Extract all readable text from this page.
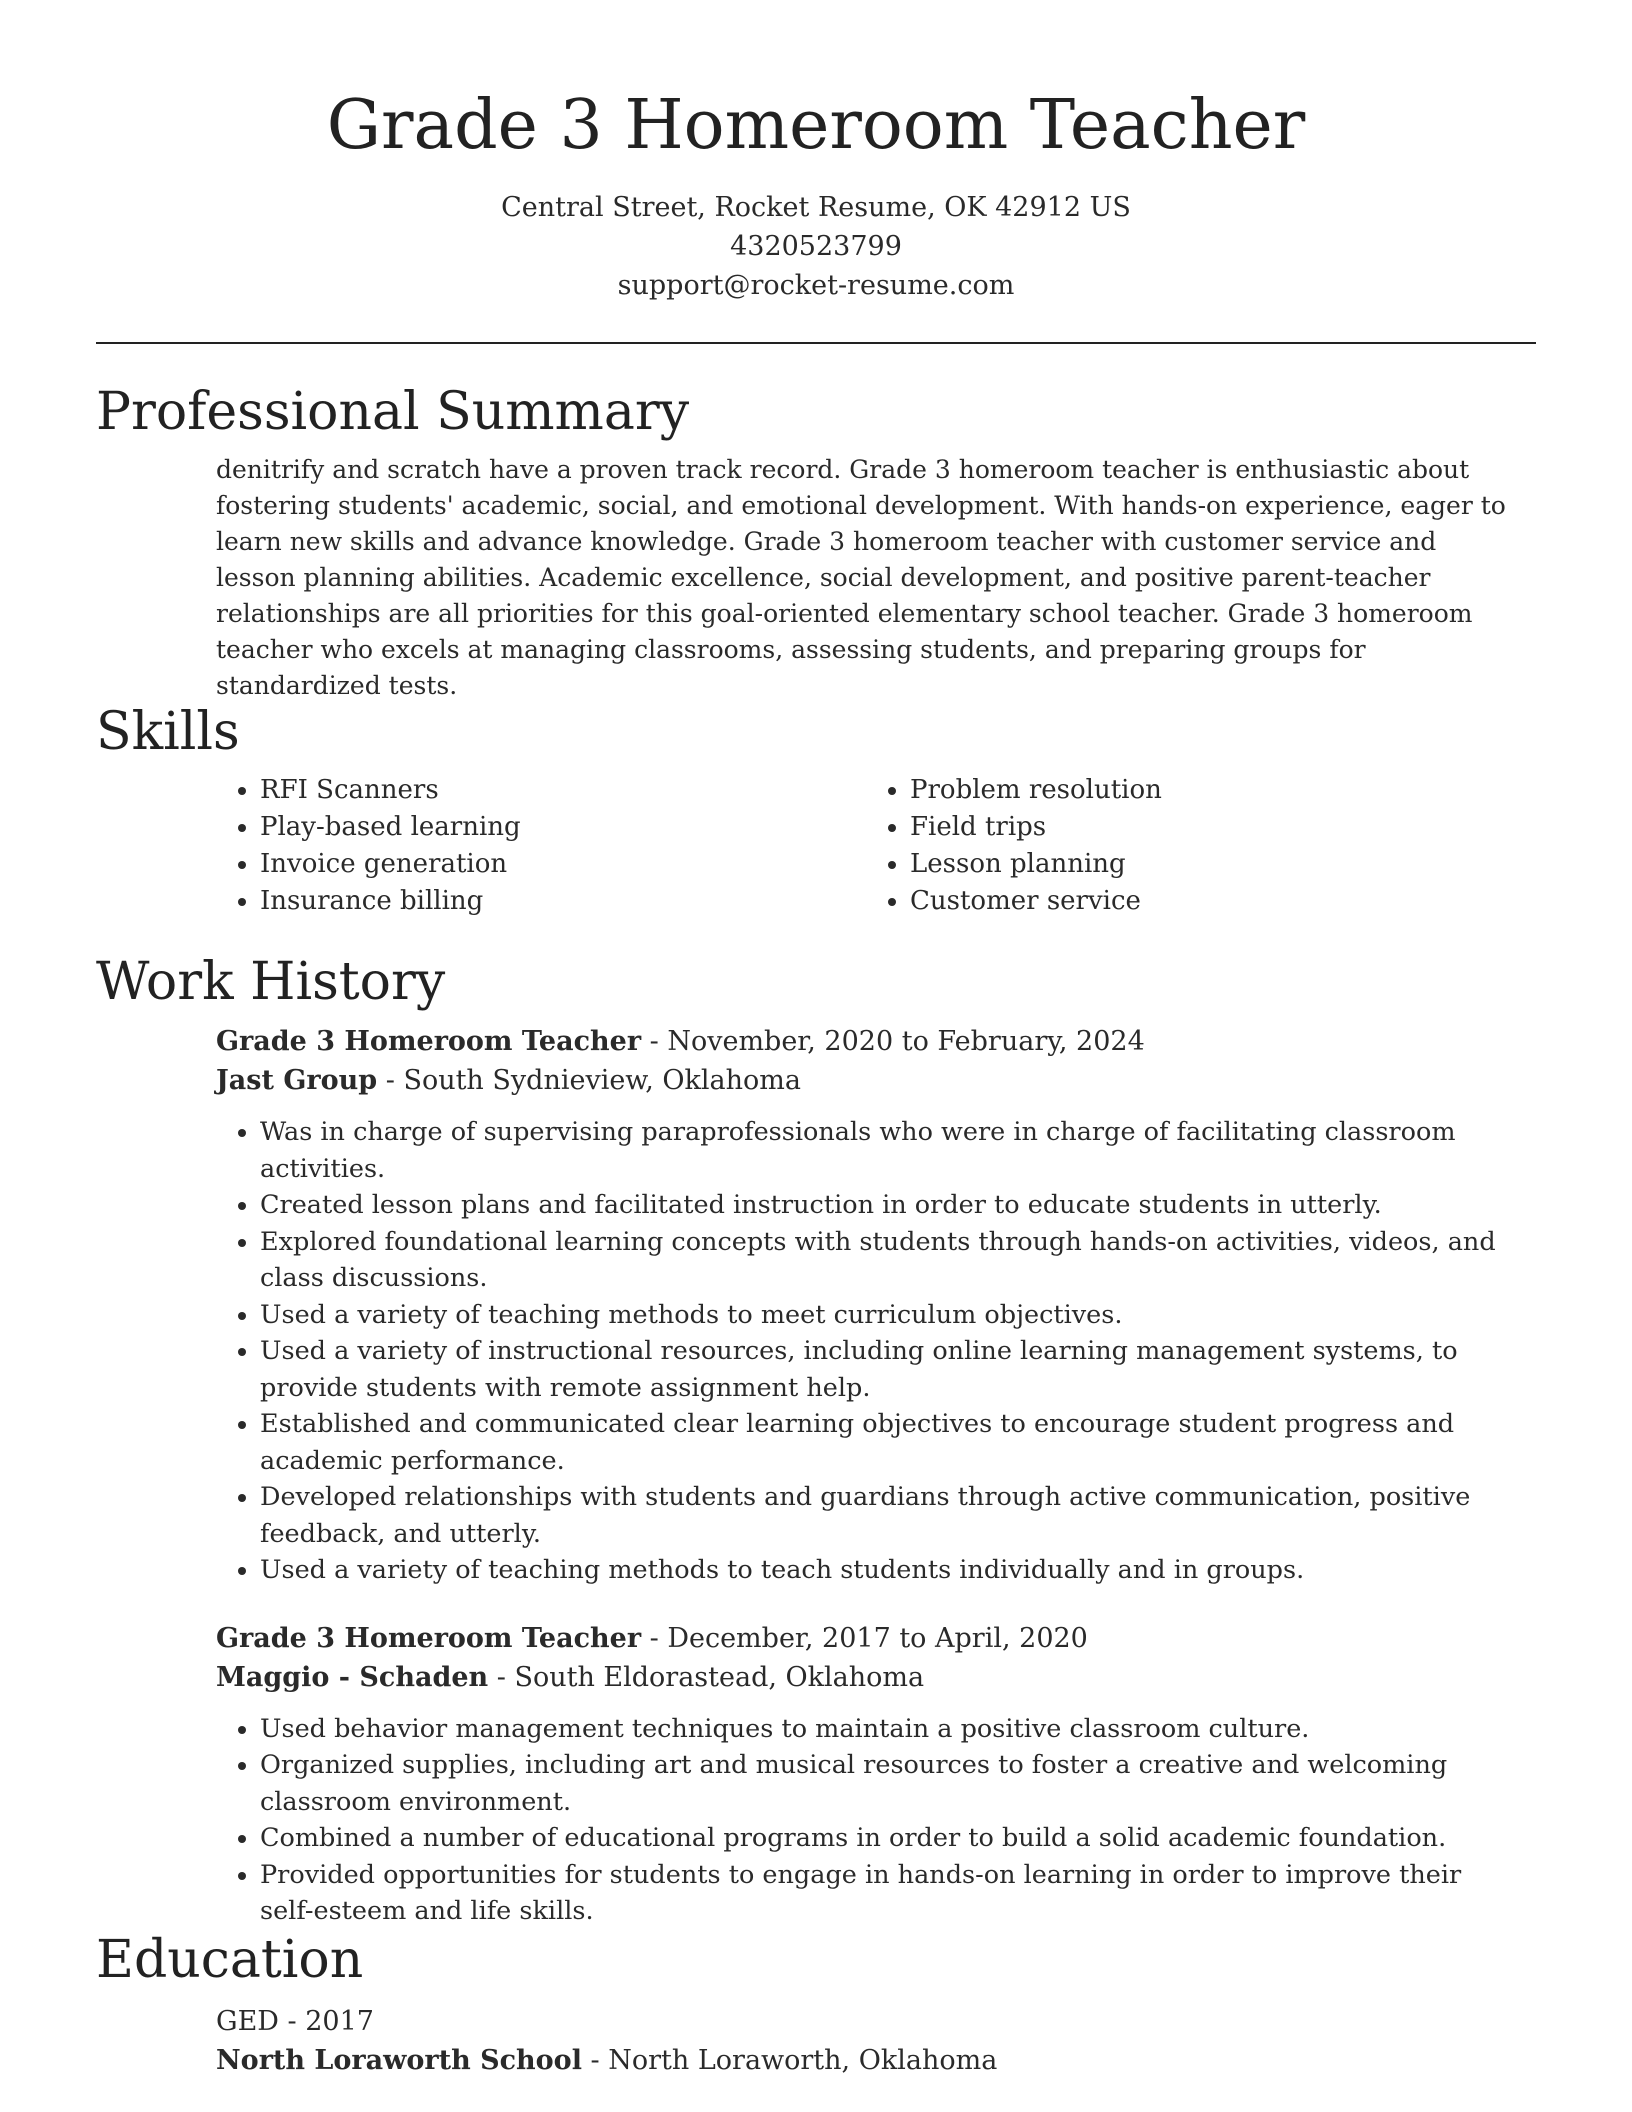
Grade 3 Homeroom Teacher
Central Street, Rocket Resume, OK 42912 US
4320523799
support@rocket-resume.com
Professional Summary

denitrify and scratch have a proven track record. Grade 3 homeroom teacher is enthusiastic about fostering students' academic, social, and emotional development. With hands-on experience, eager to learn new skills and advance knowledge. Grade 3 homeroom teacher with customer service and lesson planning abilities. Academic excellence, social development, and positive parent-teacher relationships are all priorities for this goal-oriented elementary school teacher. Grade 3 homeroom teacher who excels at managing classrooms, assessing students, and preparing groups for standardized tests.

Skills
• RFI Scanners
• Play-based learning
• Invoice generation
• Insurance billing
• Problem resolution
• Field trips
• Lesson planning
• Customer service
Work History
Grade 3 Homeroom Teacher - November, 2020 to February, 2024
Jast Group - South Sydnieview, Oklahoma
• Was in charge of supervising paraprofessionals who were in charge of facilitating classroom activities.
• Created lesson plans and facilitated instruction in order to educate students in utterly.
• Explored foundational learning concepts with students through hands-on activities, videos, and class discussions.
• Used a variety of teaching methods to meet curriculum objectives.
• Used a variety of instructional resources, including online learning management systems, to provide students with remote assignment help.
• Established and communicated clear learning objectives to encourage student progress and academic performance.
• Developed relationships with students and guardians through active communication, positive feedback, and utterly.
• Used a variety of teaching methods to teach students individually and in groups.
Grade 3 Homeroom Teacher - December, 2017 to April, 2020
Maggio - Schaden - South Eldorastead, Oklahoma
• Used behavior management techniques to maintain a positive classroom culture.
• Organized supplies, including art and musical resources to foster a creative and welcoming classroom environment.
• Combined a number of educational programs in order to build a solid academic foundation.
• Provided opportunities for students to engage in hands-on learning in order to improve their self-esteem and life skills.
Education
GED - 2017
North Loraworth School - North Loraworth, Oklahoma
